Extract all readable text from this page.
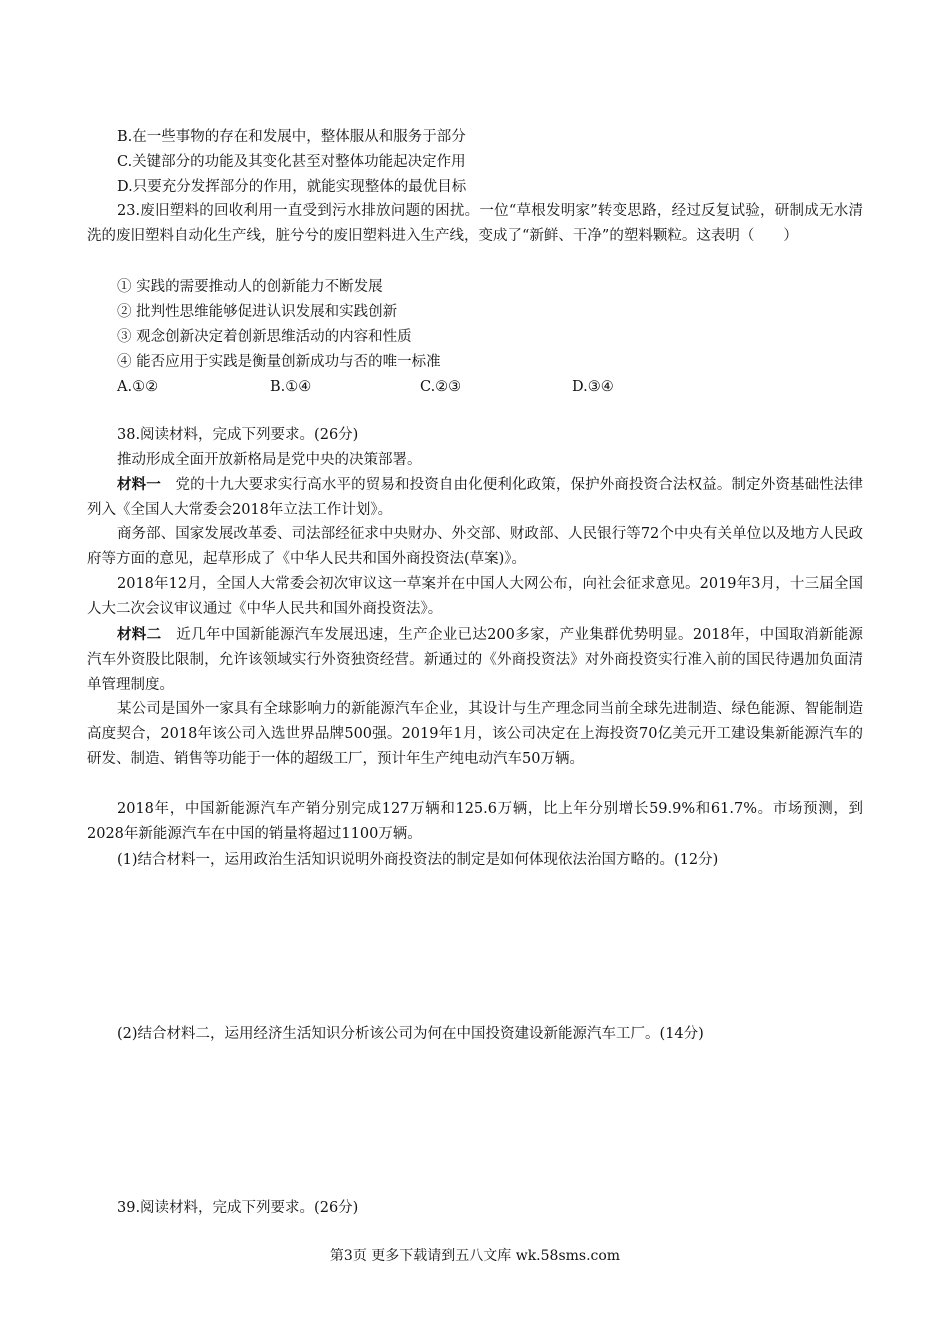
B.在一些事物的存在和发展中，整体服从和服务于部分
C.关键部分的功能及其变化甚至对整体功能起决定作用
D.只要充分发挥部分的作用，就能实现整体的最优目标
23.废旧塑料的回收利用一直受到污水排放问题的困扰。一位“草根发明家”转变思路，经过反复试验，研制成无水清洗的废旧塑料自动化生产线，脏兮兮的废旧塑料进入生产线，变成了“新鲜、干净”的塑料颗粒。这表明（　　）
① 实践的需要推动人的创新能力不断发展
② 批判性思维能够促进认识发展和实践创新
③ 观念创新决定着创新思维活动的内容和性质
④ 能否应用于实践是衡量创新成功与否的唯一标准
A.①②	B.①④	C.②③	D.③④
38.阅读材料，完成下列要求。(26分)
推动形成全面开放新格局是党中央的决策部署。
材料一　党的十九大要求实行高水平的贸易和投资自由化便利化政策，保护外商投资合法权益。制定外资基础性法律列入《全国人大常委会2018年立法工作计划》。
商务部、国家发展改革委、司法部经征求中央财办、外交部、财政部、人民银行等72个中央有关单位以及地方人民政府等方面的意见，起草形成了《中华人民共和国外商投资法(草案)》。
2018年12月，全国人大常委会初次审议这一草案并在中国人大网公布，向社会征求意见。2019年3月，十三届全国人大二次会议审议通过《中华人民共和国外商投资法》。
材料二　近几年中国新能源汽车发展迅速，生产企业已达200多家，产业集群优势明显。2018年，中国取消新能源汽车外资股比限制，允许该领域实行外资独资经营。新通过的《外商投资法》对外商投资实行准入前的国民待遇加负面清单管理制度。
某公司是国外一家具有全球影响力的新能源汽车企业，其设计与生产理念同当前全球先进制造、绿色能源、智能制造高度契合，2018年该公司入选世界品牌500强。2019年1月，该公司决定在上海投资70亿美元开工建设集新能源汽车的研发、制造、销售等功能于一体的超级工厂，预计年生产纯电动汽车50万辆。
2018年，中国新能源汽车产销分别完成127万辆和125.6万辆，比上年分别增长59.9%和61.7%。市场预测，到2028年新能源汽车在中国的销量将超过1100万辆。
(1)结合材料一，运用政治生活知识说明外商投资法的制定是如何体现依法治国方略的。(12分)
(2)结合材料二，运用经济生活知识分析该公司为何在中国投资建设新能源汽车工厂。(14分)
39.阅读材料，完成下列要求。(26分)
第3页 更多下载请到五八文库 wk.58sms.com
